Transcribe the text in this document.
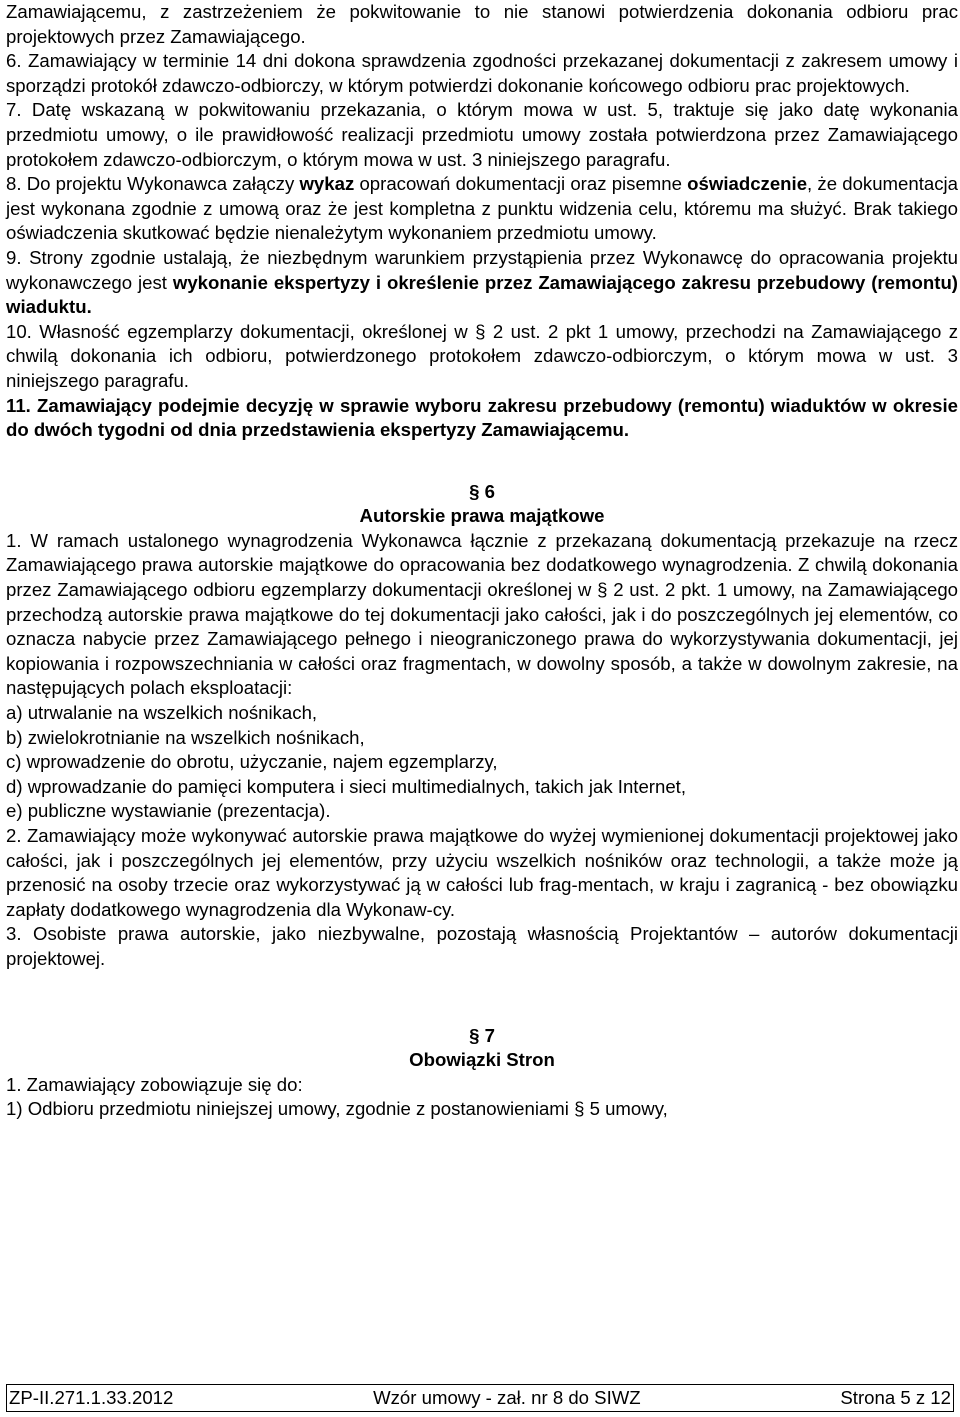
Zamawiającemu, z zastrzeżeniem że pokwitowanie to nie stanowi potwierdzenia dokonania odbioru prac projektowych przez Zamawiającego.

6. Zamawiający w terminie 14 dni dokona sprawdzenia zgodności przekazanej dokumentacji z zakresem umowy i sporządzi protokół zdawczo-odbiorczy, w którym potwierdzi dokonanie końcowego odbioru prac projektowych.

7. Datę wskazaną w pokwitowaniu przekazania, o którym mowa w ust. 5, traktuje się jako datę wykonania przedmiotu umowy, o ile prawidłowość realizacji przedmiotu umowy została potwierdzona przez Zamawiającego protokołem zdawczo-odbiorczym, o którym mowa w ust. 3 niniejszego paragrafu.

8. Do projektu Wykonawca załączy wykaz opracowań dokumentacji oraz pisemne oświadczenie, że dokumentacja jest wykonana zgodnie z umową oraz że jest kompletna z punktu widzenia celu, któremu ma służyć. Brak takiego oświadczenia skutkować będzie nienależytym wykonaniem przedmiotu umowy.

9. Strony zgodnie ustalają, że niezbędnym warunkiem przystąpienia przez Wykonawcę do opracowania projektu wykonawczego jest wykonanie ekspertyzy i określenie przez Zamawiającego zakresu przebudowy (remontu) wiaduktu.

10. Własność egzemplarzy dokumentacji, określonej w § 2 ust. 2 pkt 1 umowy, przechodzi na Zamawiającego z chwilą dokonania ich odbioru, potwierdzonego protokołem zdawczo-odbiorczym, o którym mowa w ust. 3 niniejszego paragrafu.

11. Zamawiający podejmie decyzję w sprawie wyboru zakresu przebudowy (remontu) wiaduktów w okresie do dwóch tygodni od dnia przedstawienia ekspertyzy Zamawiającemu.

§ 6

Autorskie prawa majątkowe

1. W ramach ustalonego wynagrodzenia Wykonawca łącznie z przekazaną dokumentacją przekazuje na rzecz Zamawiającego prawa autorskie majątkowe do opracowania bez dodatkowego wynagrodzenia. Z chwilą dokonania przez Zamawiającego odbioru egzemplarzy dokumentacji określonej w § 2 ust. 2 pkt. 1 umowy, na Zamawiającego przechodzą autorskie prawa majątkowe do tej dokumentacji jako całości, jak i do poszczególnych jej elementów, co oznacza nabycie przez Zamawiającego pełnego i nieograniczonego prawa do wykorzystywania dokumentacji, jej kopiowania i rozpowszechniania w całości oraz fragmentach, w dowolny sposób, a także w dowolnym zakresie, na następujących polach eksploatacji:

a) utrwalanie na wszelkich nośnikach,

b) zwielokrotnianie na wszelkich nośnikach,

c) wprowadzenie do obrotu, użyczanie, najem egzemplarzy,

d) wprowadzanie do pamięci komputera i sieci multimedialnych, takich jak Internet,

e) publiczne wystawianie (prezentacja).

2. Zamawiający może wykonywać autorskie prawa majątkowe do wyżej wymienionej dokumentacji projektowej jako całości, jak i poszczególnych jej elementów, przy użyciu wszelkich nośników oraz technologii, a także może ją przenosić na osoby trzecie oraz wykorzystywać ją w całości lub frag-mentach, w kraju i zagranicą - bez obowiązku zapłaty dodatkowego wynagrodzenia dla Wykonaw-cy.

3. Osobiste prawa autorskie, jako niezbywalne, pozostają własnością Projektantów – autorów dokumentacji projektowej.

§ 7

Obowiązki Stron

1. Zamawiający zobowiązuje się do:

1) Odbioru przedmiotu niniejszej umowy, zgodnie z postanowieniami § 5 umowy,

ZP-II.271.1.33.2012	Wzór umowy - zał. nr 8 do SIWZ	Strona 5 z 12
